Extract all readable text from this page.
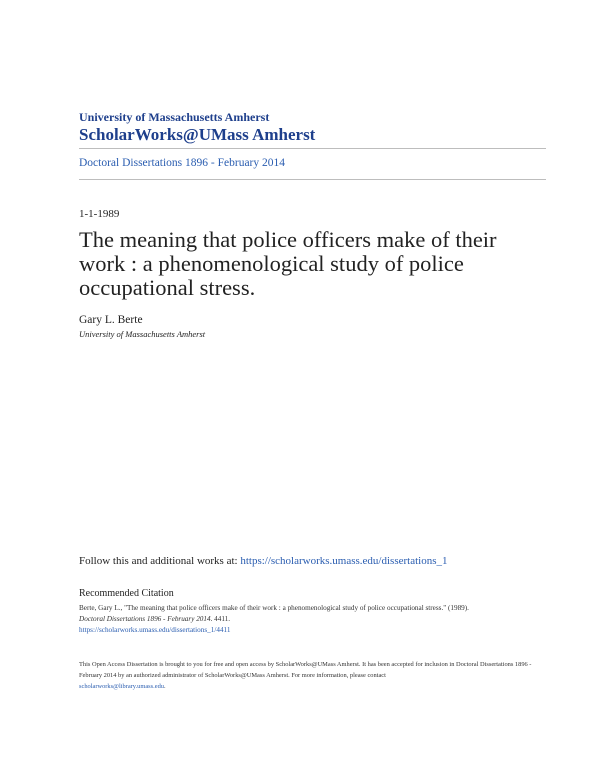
University of Massachusetts Amherst
ScholarWorks@UMass Amherst
Doctoral Dissertations 1896 - February 2014
1-1-1989
The meaning that police officers make of their work : a phenomenological study of police occupational stress.
Gary L. Berte
University of Massachusetts Amherst
Follow this and additional works at: https://scholarworks.umass.edu/dissertations_1
Recommended Citation
Berte, Gary L., "The meaning that police officers make of their work : a phenomenological study of police occupational stress." (1989).
Doctoral Dissertations 1896 - February 2014. 4411.
https://scholarworks.umass.edu/dissertations_1/4411
This Open Access Dissertation is brought to you for free and open access by ScholarWorks@UMass Amherst. It has been accepted for inclusion in Doctoral Dissertations 1896 - February 2014 by an authorized administrator of ScholarWorks@UMass Amherst. For more information, please contact
scholarworks@library.umass.edu.
